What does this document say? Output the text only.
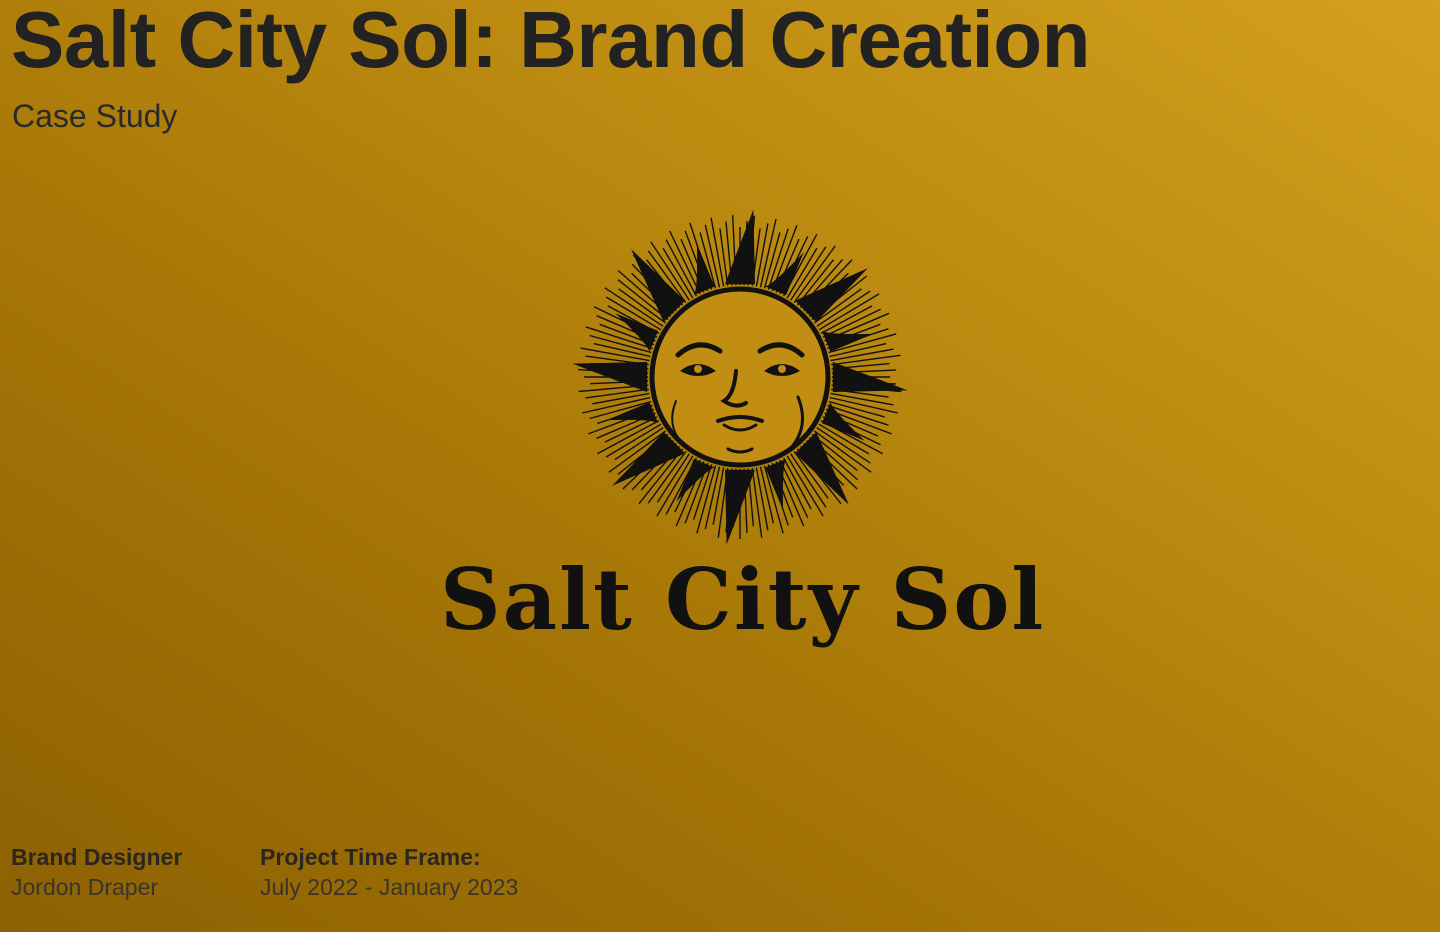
Salt City Sol: Brand Creation
Case Study
Salt City Sol
Brand Designer
Jordon Draper
Project Time Frame:
July 2022 - January 2023
